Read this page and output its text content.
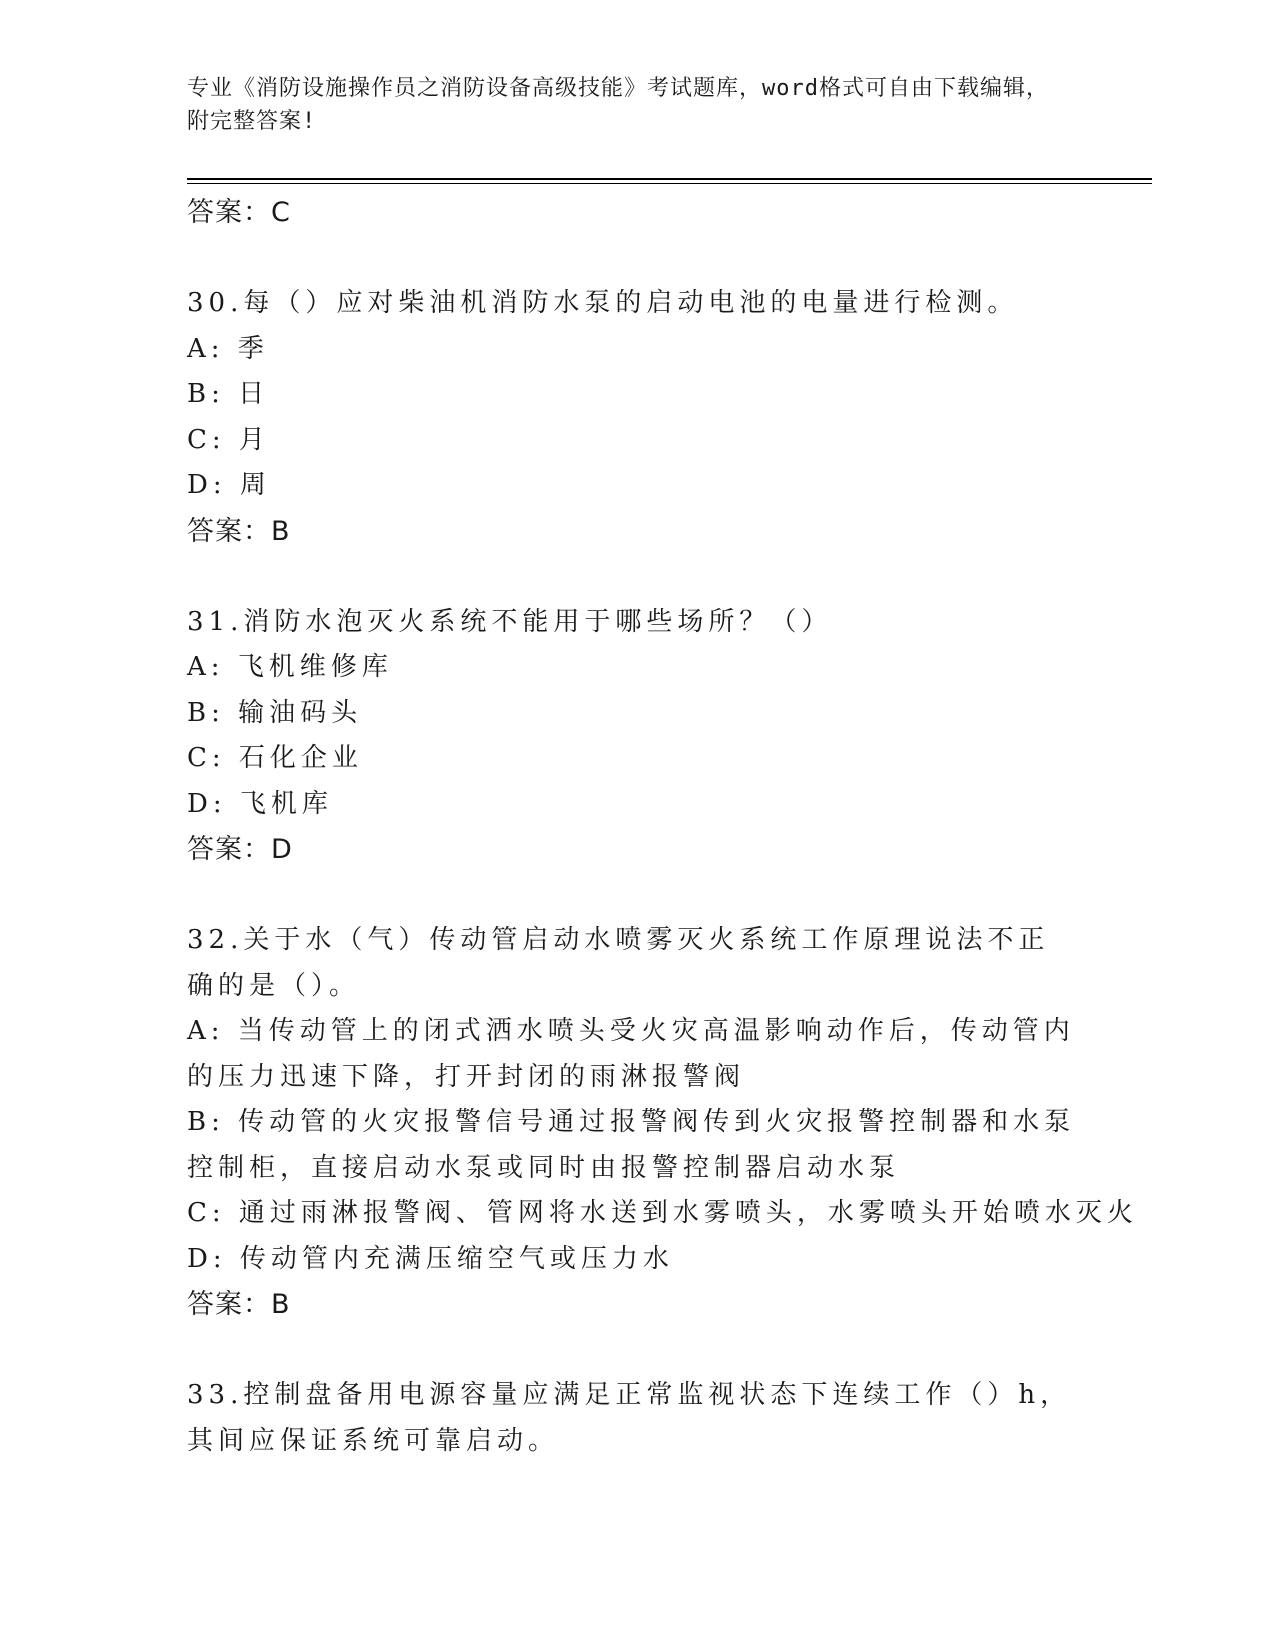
专业《消防设施操作员之消防设备高级技能》考试题库，word格式可自由下载编辑，附完整答案!
答案：C
30.每（）应对柴油机消防水泵的启动电池的电量进行检测。
A: 季
B: 日
C: 月
D: 周
答案：B
31.消防水泡灭火系统不能用于哪些场所？（）
A: 飞机维修库
B: 输油码头
C: 石化企业
D: 飞机库
答案：D
32.关于水（气）传动管启动水喷雾灭火系统工作原理说法不正确的是（）。
A: 当传动管上的闭式洒水喷头受火灾高温影响动作后，传动管内的压力迅速下降，打开封闭的雨淋报警阀
B: 传动管的火灾报警信号通过报警阀传到火灾报警控制器和水泵控制柜，直接启动水泵或同时由报警控制器启动水泵
C: 通过雨淋报警阀、管网将水送到水雾喷头，水雾喷头开始喷水灭火
D: 传动管内充满压缩空气或压力水
答案：B
33.控制盘备用电源容量应满足正常监视状态下连续工作（）h，其间应保证系统可靠启动。
